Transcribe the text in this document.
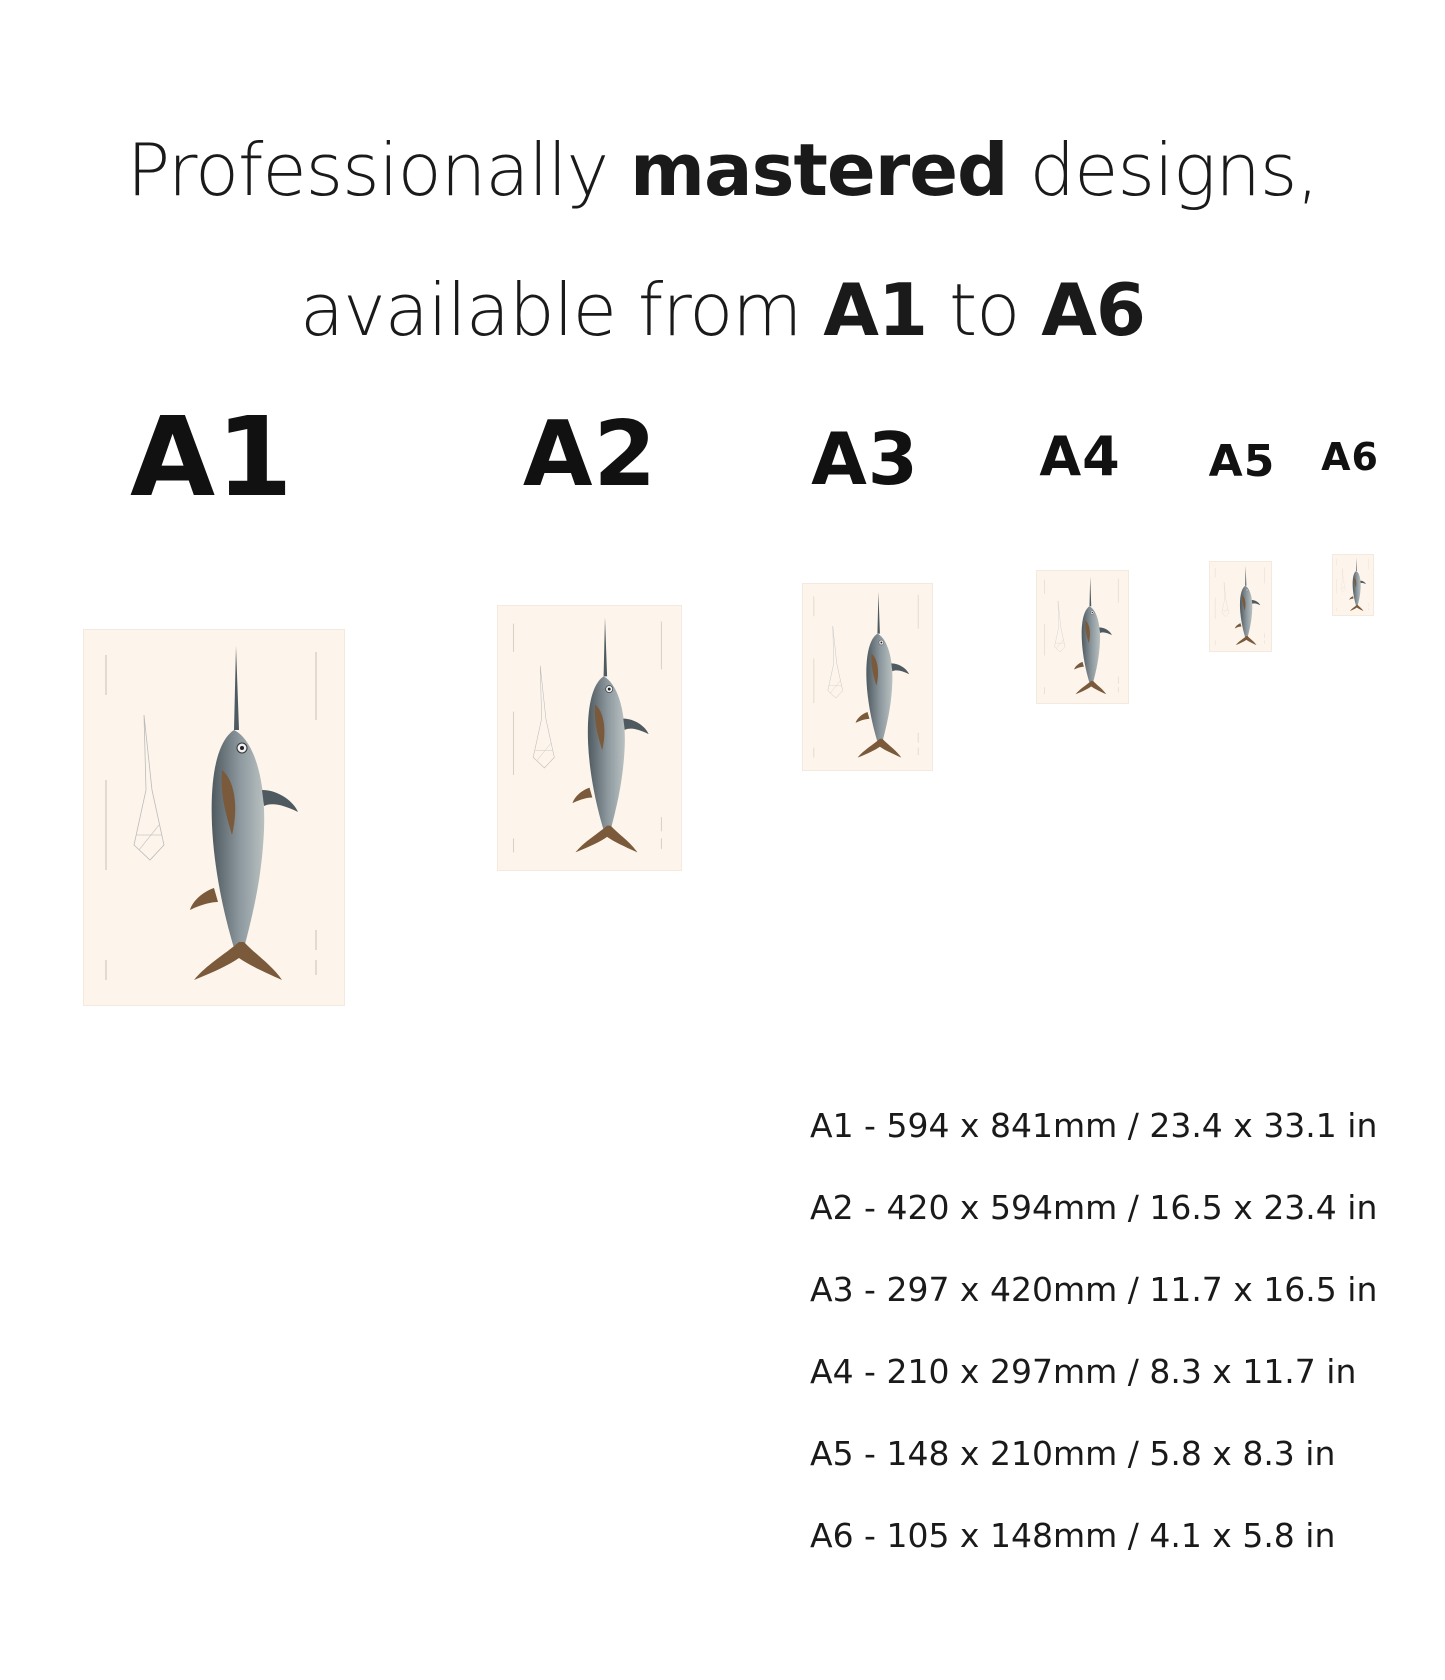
Professionally mastered designs,
available from A1 to A6
A1	A2 A3 A4 A5 A6
A1 - 594 x 841mm / 23.4 x 33.1 in
A2 - 420 x 594mm / 16.5 x 23.4 in
A3 - 297 x 420mm / 11.7 x 16.5 in
A4 - 210 x 297mm / 8.3 x 11.7 in
A5 - 148 x 210mm / 5.8 x 8.3 in
A6 - 105 x 148mm / 4.1 x 5.8 in
